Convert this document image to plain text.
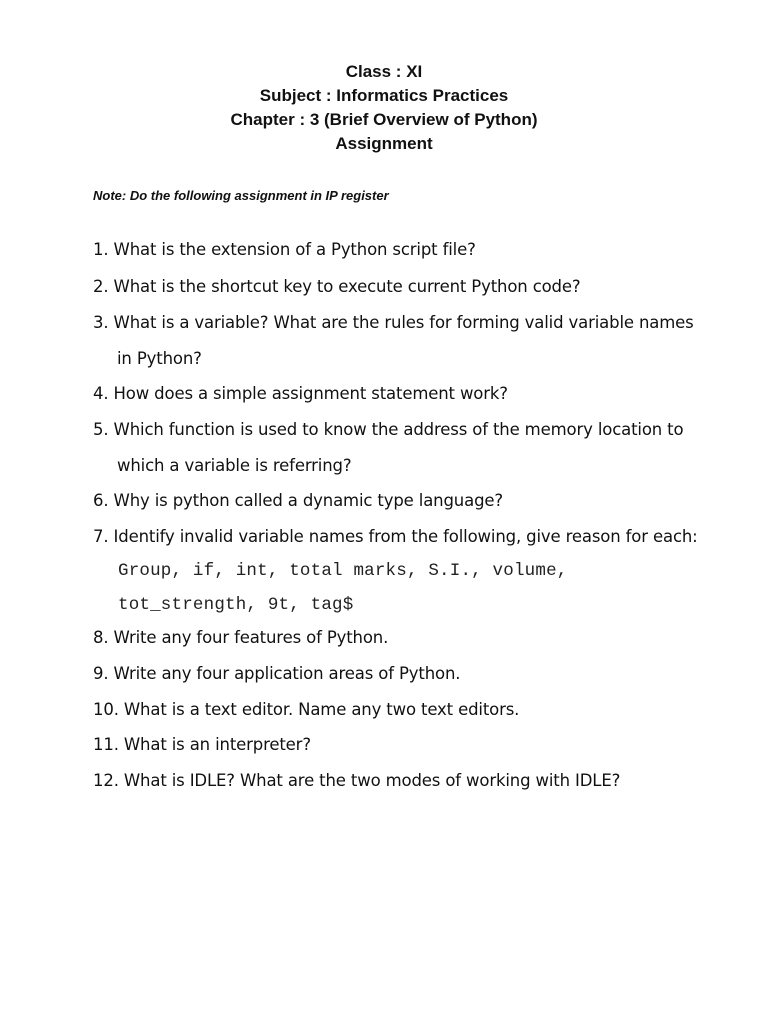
Class : XI
Subject : Informatics Practices
Chapter : 3 (Brief Overview of Python)
Assignment
Note: Do the following assignment in IP register
1. What is the extension of a Python script file?
2. What is the shortcut key to execute current Python code?
3. What is a variable? What are the rules for forming valid variable names
in Python?
4. How does a simple assignment statement work?
5. Which function is used to know the address of the memory location to
which a variable is referring?
6. Why is python called a dynamic type language?
7. Identify invalid variable names from the following, give reason for each:
Group, if, int, total marks, S.I., volume,
tot_strength, 9t, tag$
8. Write any four features of Python.
9. Write any four application areas of Python.
10. What is a text editor. Name any two text editors.
11. What is an interpreter?
12. What is IDLE? What are the two modes of working with IDLE?
